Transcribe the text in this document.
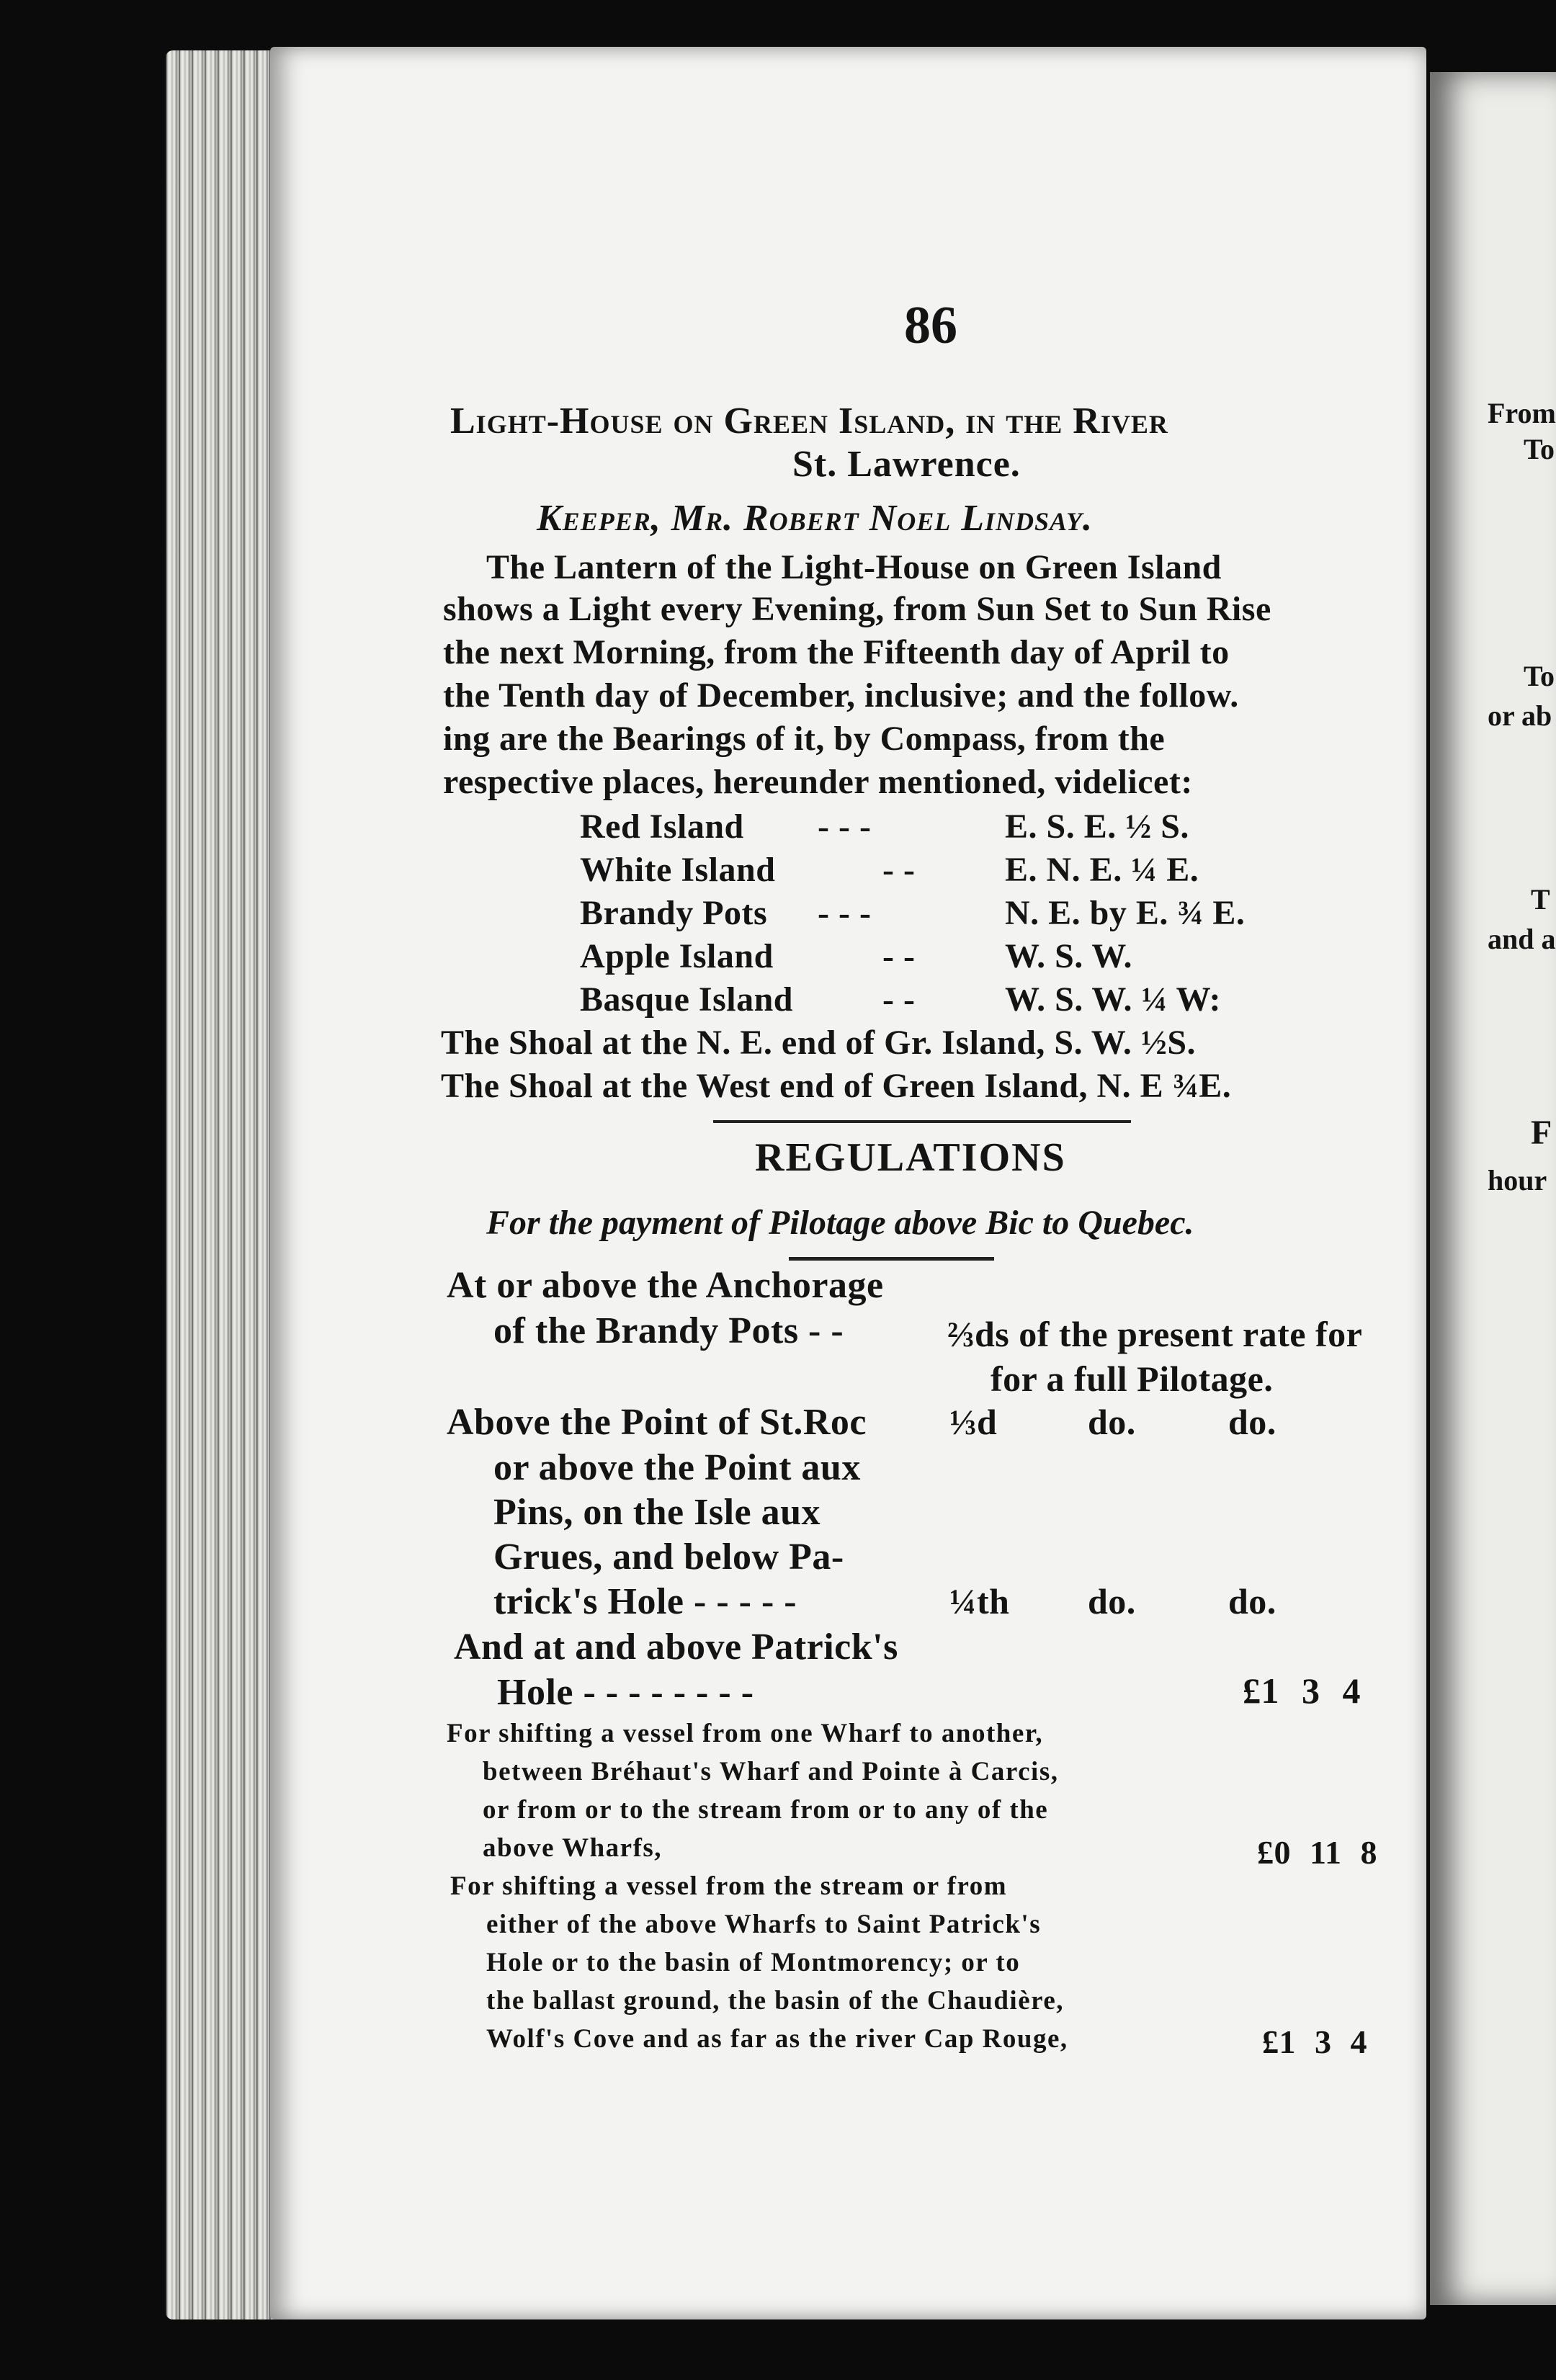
From
To
To
or ab
T
and a
F
hour
86
Light-House on Green Island, in the River
St. Lawrence.
Keeper, Mr. Robert Noel Lindsay.
The Lantern of the Light-House on Green Island
shows a Light every Evening, from Sun Set to Sun Rise
the next Morning, from the Fifteenth day of April to
the Tenth day of December, inclusive; and the follow.
ing are the Bearings of it, by Compass, from the
respective places, hereunder mentioned, videlicet:
Red Island - - -	E. S. E. ½ S.
White Island	- -	E. N. E. ¼ E.
Brandy Pots - - -	N. E. by E. ¾ E.
Apple Island	- -	W. S. W.
Basque Island	- -	W. S. W. ¼ W:
The Shoal at the N. E. end of Gr. Island, S. W. ½S.
The Shoal at the West end of Green Island, N. E ¾E.
REGULATIONS
For the payment of Pilotage above Bic to Quebec.
At or above the Anchorage
of the Brandy Pots - -	⅔ds of the present rate for
for a full Pilotage.
Above the Point of St.Roc ⅓d	do.	do.
or above the Point aux
Pins, on the Isle aux
Grues, and below Pa-
trick's Hole - - - - -	¼th do.	do.
And at and above Patrick's
Hole - - - - - - - -	£1 3 4
For shifting a vessel from one Wharf to another,
between Bréhaut's Wharf and Pointe à Carcis,
or from or to the stream from or to any of the
above Wharfs,	£0 11 8
For shifting a vessel from the stream or from
either of the above Wharfs to Saint Patrick's
Hole or to the basin of Montmorency; or to
the ballast ground, the basin of the Chaudière,
Wolf's Cove and as far as the river Cap Rouge,	£1 3 4
